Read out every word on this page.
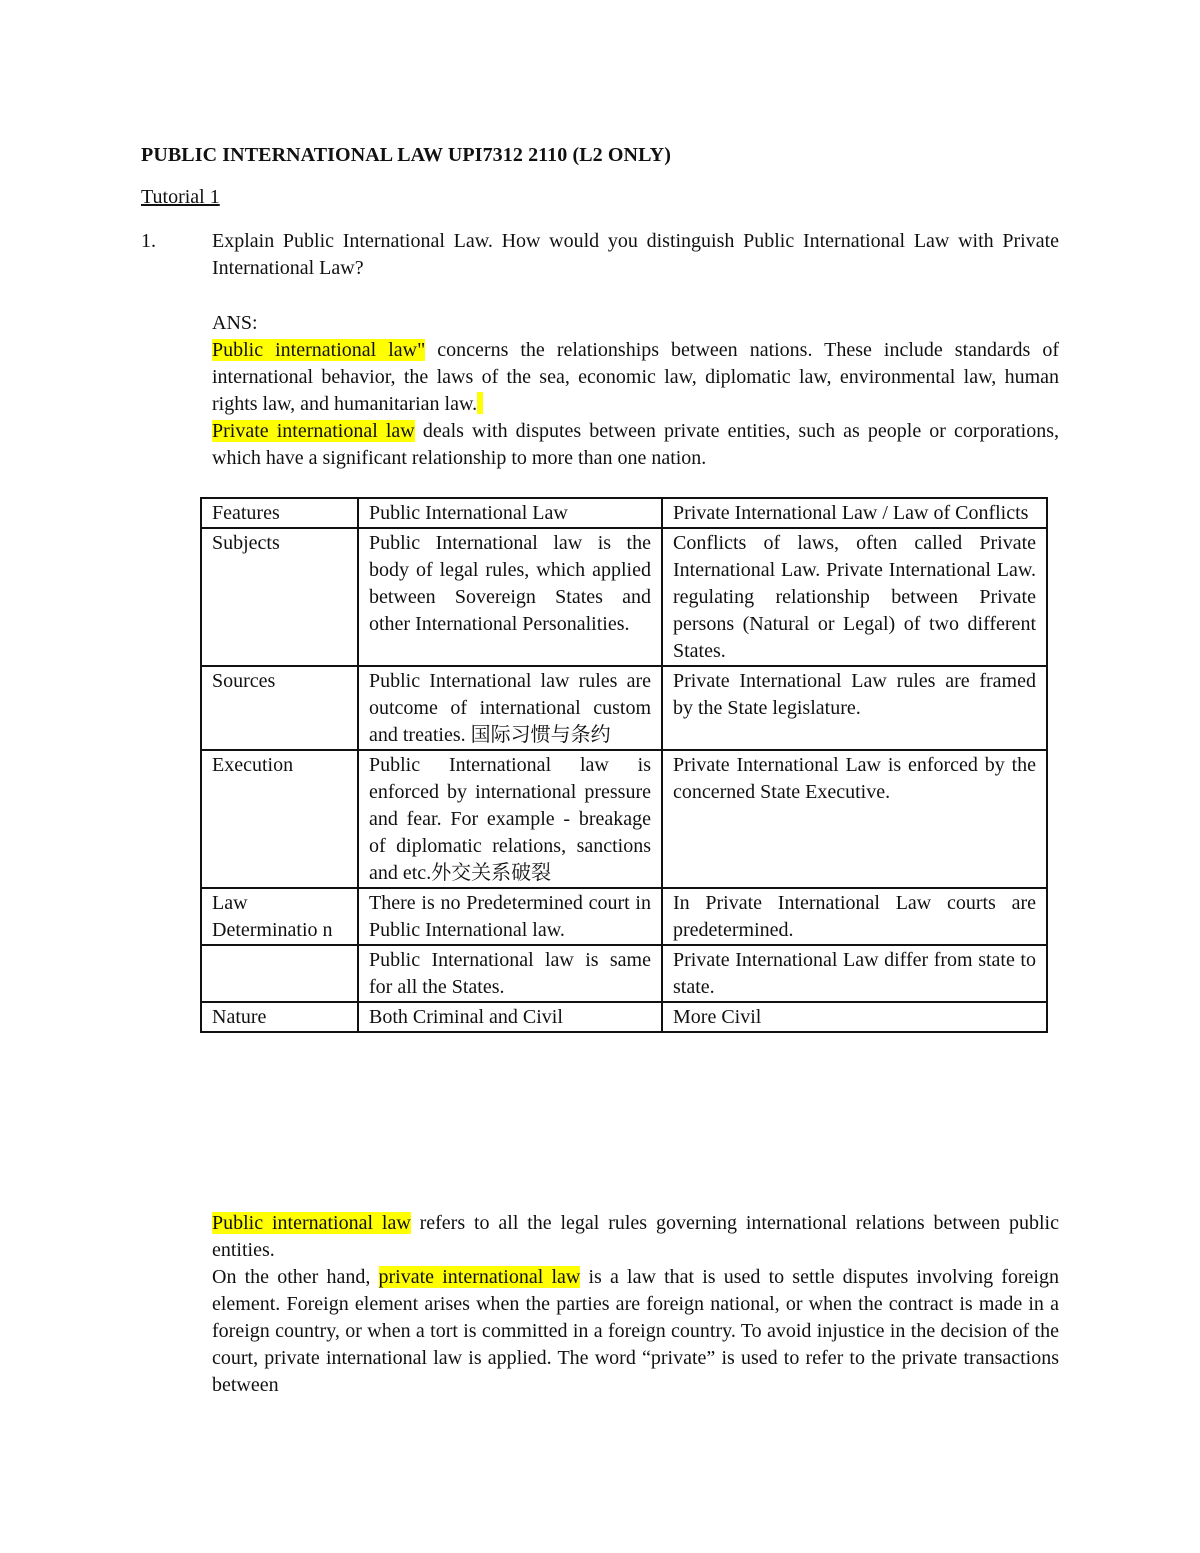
PUBLIC INTERNATIONAL LAW UPI7312 2110 (L2 ONLY)
Tutorial 1
1.	Explain Public International Law. How would you distinguish Public International Law with Private International Law?

ANS:

Public international law" concerns the relationships between nations. These include standards of international behavior, the laws of the sea, economic law, diplomatic law, environmental law, human rights law, and humanitarian law.

Private international law deals with disputes between private entities, such as people or corporations, which have a significant relationship to more than one nation.

Features	Public International Law	Private International Law / Law of Conflicts
Subjects	Public International law is the body of legal rules, which applied between Sovereign States and other International Personalities.	Conflicts of laws, often called Private International Law. Private International Law. regulating relationship between Private persons (Natural or Legal) of two different States.
Sources	Public International law rules are outcome of international custom and treaties. 国际习惯与条约	Private International Law rules are framed by the State legislature.
Execution	Public International law is enforced by international pressure and fear. For example - breakage of diplomatic relations, sanctions and etc.外交关系破裂	Private International Law is enforced by the concerned State Executive.
Law Determinatio n	There is no Predetermined court in Public International law.	In Private International Law courts are predetermined.
	Public International law is same for all the States.	Private International Law differ from state to state.
Nature	Both Criminal and Civil	More Civil

Public international law refers to all the legal rules governing international relations between public entities.

On the other hand, private international law is a law that is used to settle disputes involving foreign element. Foreign element arises when the parties are foreign national, or when the contract is made in a foreign country, or when a tort is committed in a foreign country. To avoid injustice in the decision of the court, private international law is applied. The word “private” is used to refer to the private transactions between
